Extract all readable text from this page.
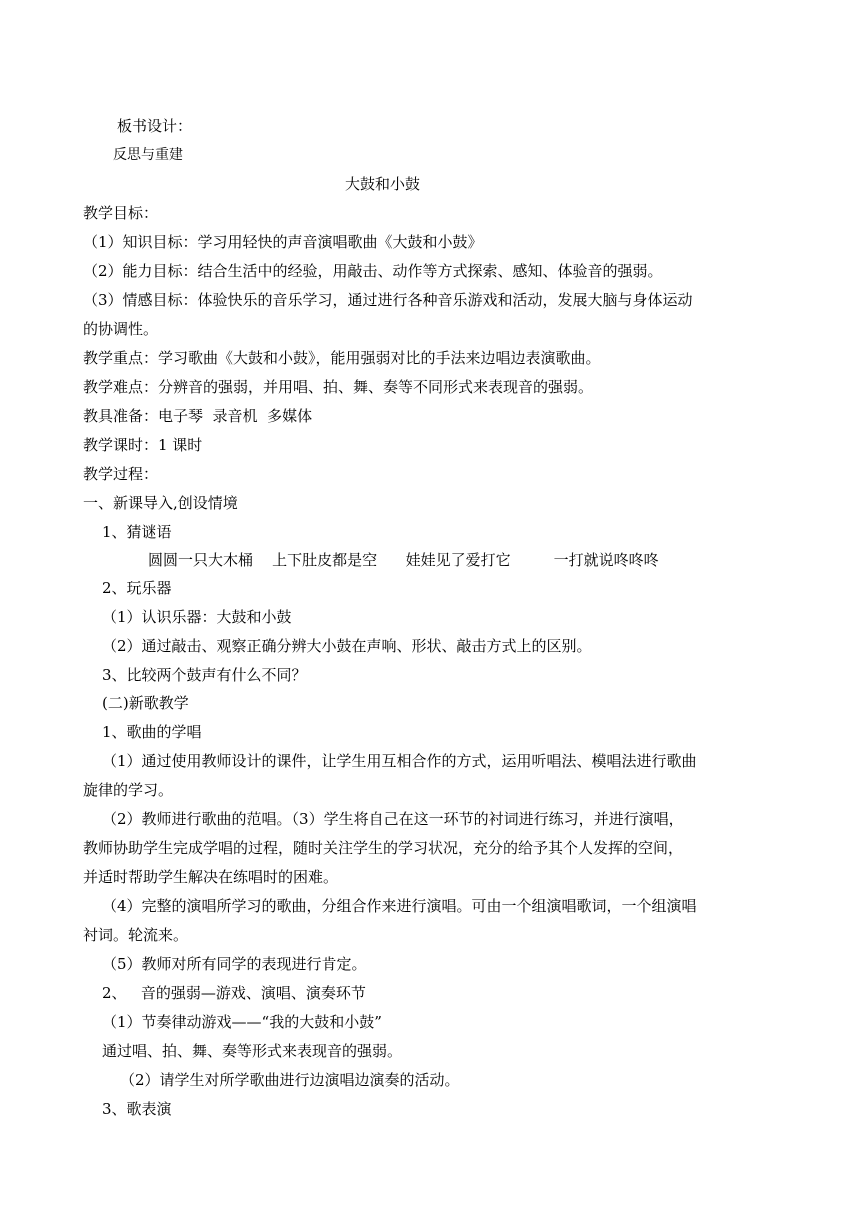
板书设计：
反思与重建
大鼓和小鼓
教学目标：
（1）知识目标：学习用轻快的声音演唱歌曲《大鼓和小鼓》
（2）能力目标：结合生活中的经验，用敲击、动作等方式探索、感知、体验音的强弱。
（3）情感目标：体验快乐的音乐学习，通过进行各种音乐游戏和活动，发展大脑与身体运动
的协调性。
教学重点：学习歌曲《大鼓和小鼓》，能用强弱对比的手法来边唱边表演歌曲。
教学难点：分辨音的强弱，并用唱、拍、舞、奏等不同形式来表现音的强弱。
教具准备：电子琴  录音机  多媒体
教学课时：1 课时
教学过程：
一、新课导入,创设情境
1、猜谜语
圆圆一只大木桶    上下肚皮都是空      娃娃见了爱打它         一打就说咚咚咚
2、玩乐器
（1）认识乐器：大鼓和小鼓
（2）通过敲击、观察正确分辨大小鼓在声响、形状、敲击方式上的区别。
3、比较两个鼓声有什么不同？
(二)新歌教学
1、歌曲的学唱
（1）通过使用教师设计的课件，让学生用互相合作的方式，运用听唱法、模唱法进行歌曲
旋律的学习。
（2）教师进行歌曲的范唱。（3）学生将自己在这一环节的衬词进行练习，并进行演唱，
教师协助学生完成学唱的过程，随时关注学生的学习状况，充分的给予其个人发挥的空间，
并适时帮助学生解决在练唱时的困难。
（4）完整的演唱所学习的歌曲，分组合作来进行演唱。可由一个组演唱歌词，一个组演唱
衬词。轮流来。
（5）教师对所有同学的表现进行肯定。
2、   音的强弱—游戏、演唱、演奏环节
（1）节奏律动游戏——“我的大鼓和小鼓”
通过唱、拍、舞、奏等形式来表现音的强弱。
（2）请学生对所学歌曲进行边演唱边演奏的活动。
3、歌表演
